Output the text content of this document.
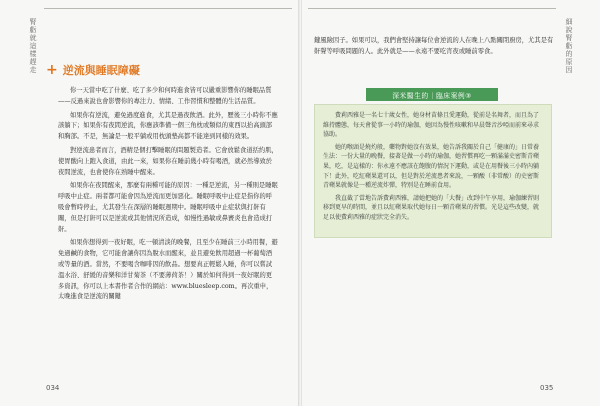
腎虧就這樣趕走	細說腎虧的原因
+ 逆流與睡眠障礙

你一天當中吃了什麼、吃了多少和何時進食皆可以嚴重影響你的睡眠品質——反過來說也會影響你的專注力、情緒、工作習慣和整體的生活品質。

如果你有逆流，避免過度進食，尤其是過夜飲酒。此外，歷後三小時你不應該躺下；如果你有夜間逆流，你應該準備一個三角枕或類似的東西以抬高頭部和胸部。不是，無論是一般平躺或用枕頭墊高都不能達到同樣的效果。

對逆流患者而言，酒精是個打擊睡眠的問題製造者。它會放鬆食道括約肌，使胃酸向上跑入食道，由此一來，如果你在睡前幾小時有喝酒，就必然導致於夜間逆流，也會使你在熟睡中醒來。

如果你在夜間醒來，那麼有兩種可能的原因：一種是逆流，另一種則是睡眠呼吸中止症。兩者都可能會因為逆流而更加惡化。睡眠呼吸中止症是指你的呼吸會暫時停止，尤其發生在深層的睡眠週期中。睡眠呼吸中止症狀與打鼾有關，但是打鼾可以是逆流或其他情況所造成，如慢性過敏或鼻竇炎也會造成打鼾。

如果你想得到一夜好眠，吃一頓清淡的晚餐，且至少在睡前三小時用餐，避免過鹹的食物，它可能會讓你因為脫水而醒來，並且避免飲用超過一杯葡萄酒或等量的酒。當然，不要喝含咖啡因的飲品。想要真正輕鬆入睡，你可以嘗試溫水浴、舒緩的音樂和洋甘菊茶（不要薄荷茶！）關於如何得到一夜好眠的更多資訊，你可以上本書作者合作的網站：www.bluesleep.com。再次重申，太晚進食是逆流的關鍵

034

鍵風險因子。如果可以，我們會堅持讓每位會逆流的人在晚上八點關閉廚房，尤其是有鼾聲等呼吸問題的人。此外就是——永遠不要吃宵夜或睡前零食。

深米醫生的｜臨床案例③

費莉西雅是一名七十歲女性，她身材苗條且愛運動，從前是名舞者，而且為了維持體態，每天會從事一小時的瑜伽，她因為慢性咳嗽和早晨聲音沙啞而前來尋求協助。

她的喉頭是燒灼般，藥物對她沒有效果，她告訴我關於自己「健康的」日常養生法：一份大量的晚餐，接著是做一小時的瑜伽，她習慣再吃一顆滿滿史密斯青蘋果，吃，是這樣的：你永遠不應該在飽腹的情況下運動，或是在用餐後三小時內躺下！此外，吃紅蘋果還可以，但是對於逆流患者來說，一顆酸（非常酸）的史密斯青蘋果就像是一種逆流炸彈，特別是在睡前食用。

我直截了當地告訴費莉西雅，請她把她的「大餐」改到中午享用，瑜伽練習則移到更早的時間，並且以紅蘋果取代她每日一顆青蘋果的習慣。光是這些改變，就足以使費莉西雅的症狀完全消失。

035
